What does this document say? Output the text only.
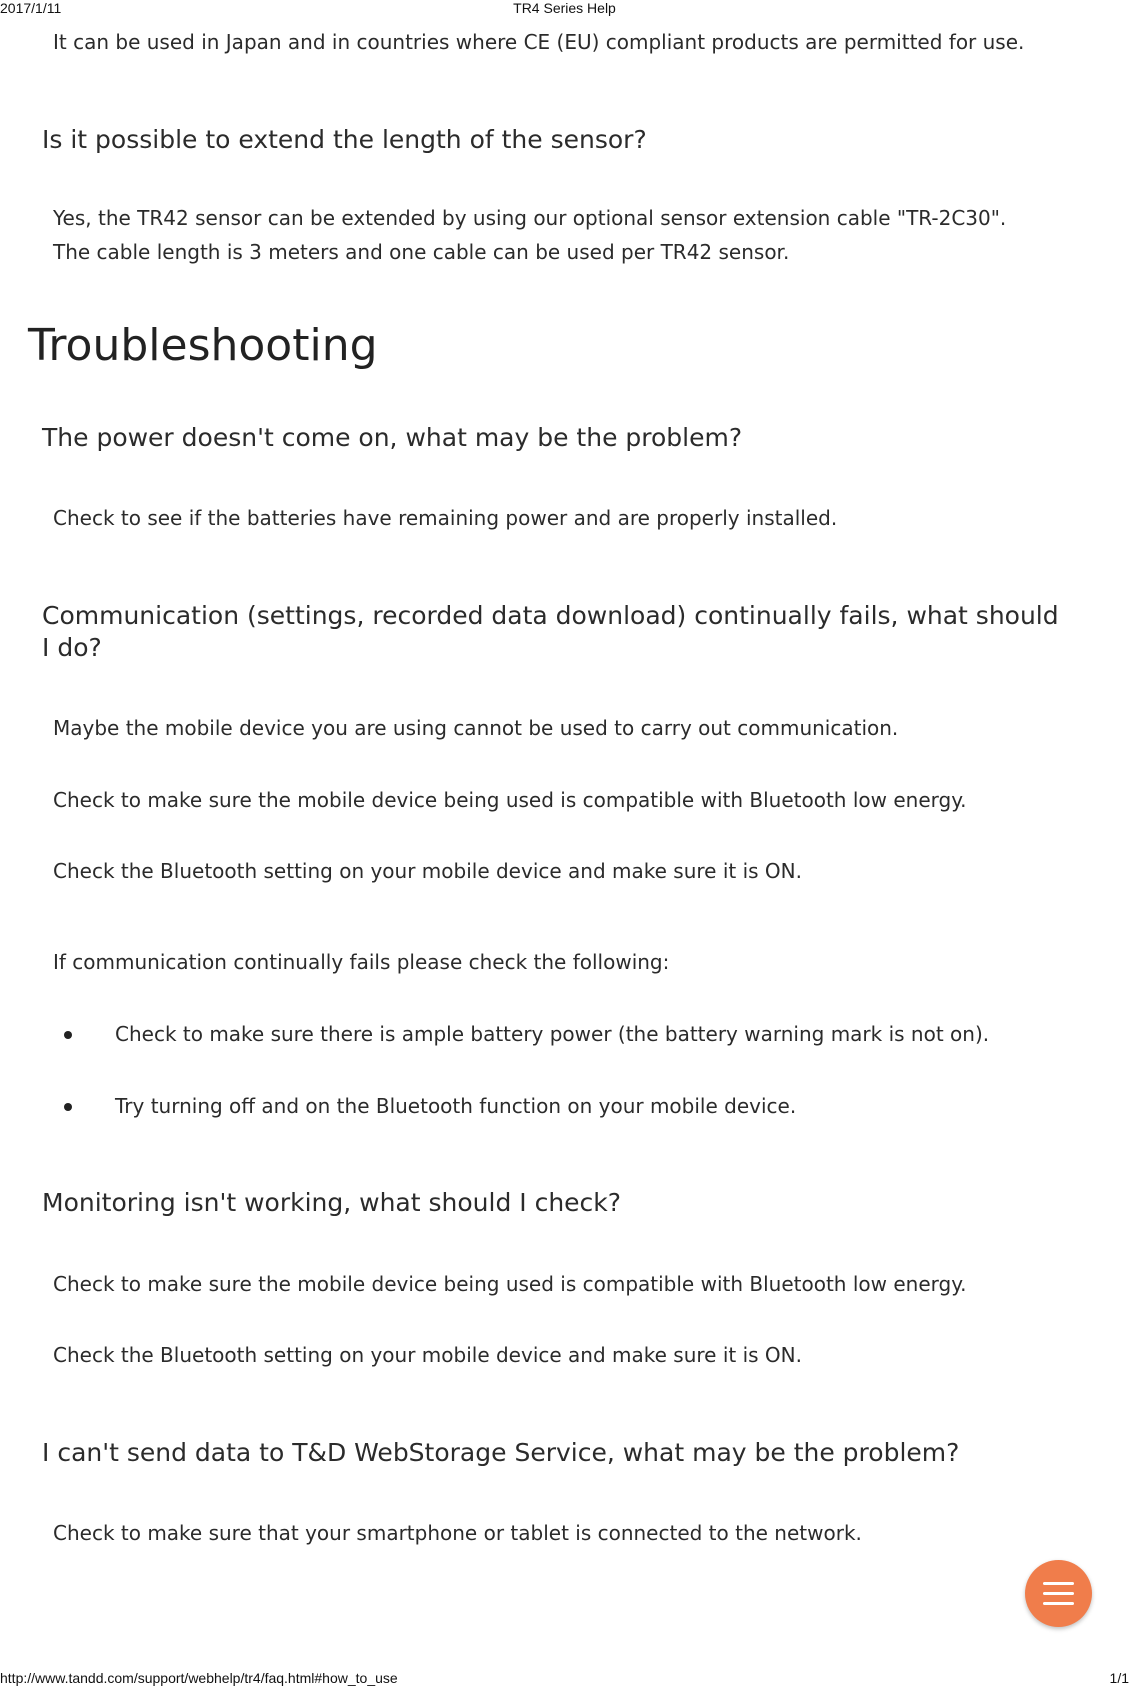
2017/1/11	TR4 Series Help
It can be used in Japan and in countries where CE (EU) compliant products are permitted for use.
Is it possible to extend the length of the sensor?
Yes, the TR42 sensor can be extended by using our optional sensor extension cable "TR-2C30".
The cable length is 3 meters and one cable can be used per TR42 sensor.
Troubleshooting
The power doesn't come on, what may be the problem?
Check to see if the batteries have remaining power and are properly installed.
Communication (settings, recorded data download) continually fails, what should I do?
Maybe the mobile device you are using cannot be used to carry out communication.
Check to make sure the mobile device being used is compatible with Bluetooth low energy.
Check the Bluetooth setting on your mobile device and make sure it is ON.
If communication continually fails please check the following:
Check to make sure there is ample battery power (the battery warning mark is not on).
Try turning off and on the Bluetooth function on your mobile device.
Monitoring isn't working, what should I check?
Check to make sure the mobile device being used is compatible with Bluetooth low energy.
Check the Bluetooth setting on your mobile device and make sure it is ON.
I can't send data to T&D WebStorage Service, what may be the problem?
Check to make sure that your smartphone or tablet is connected to the network.
http://www.tandd.com/support/webhelp/tr4/faq.html#how_to_use	1/1
